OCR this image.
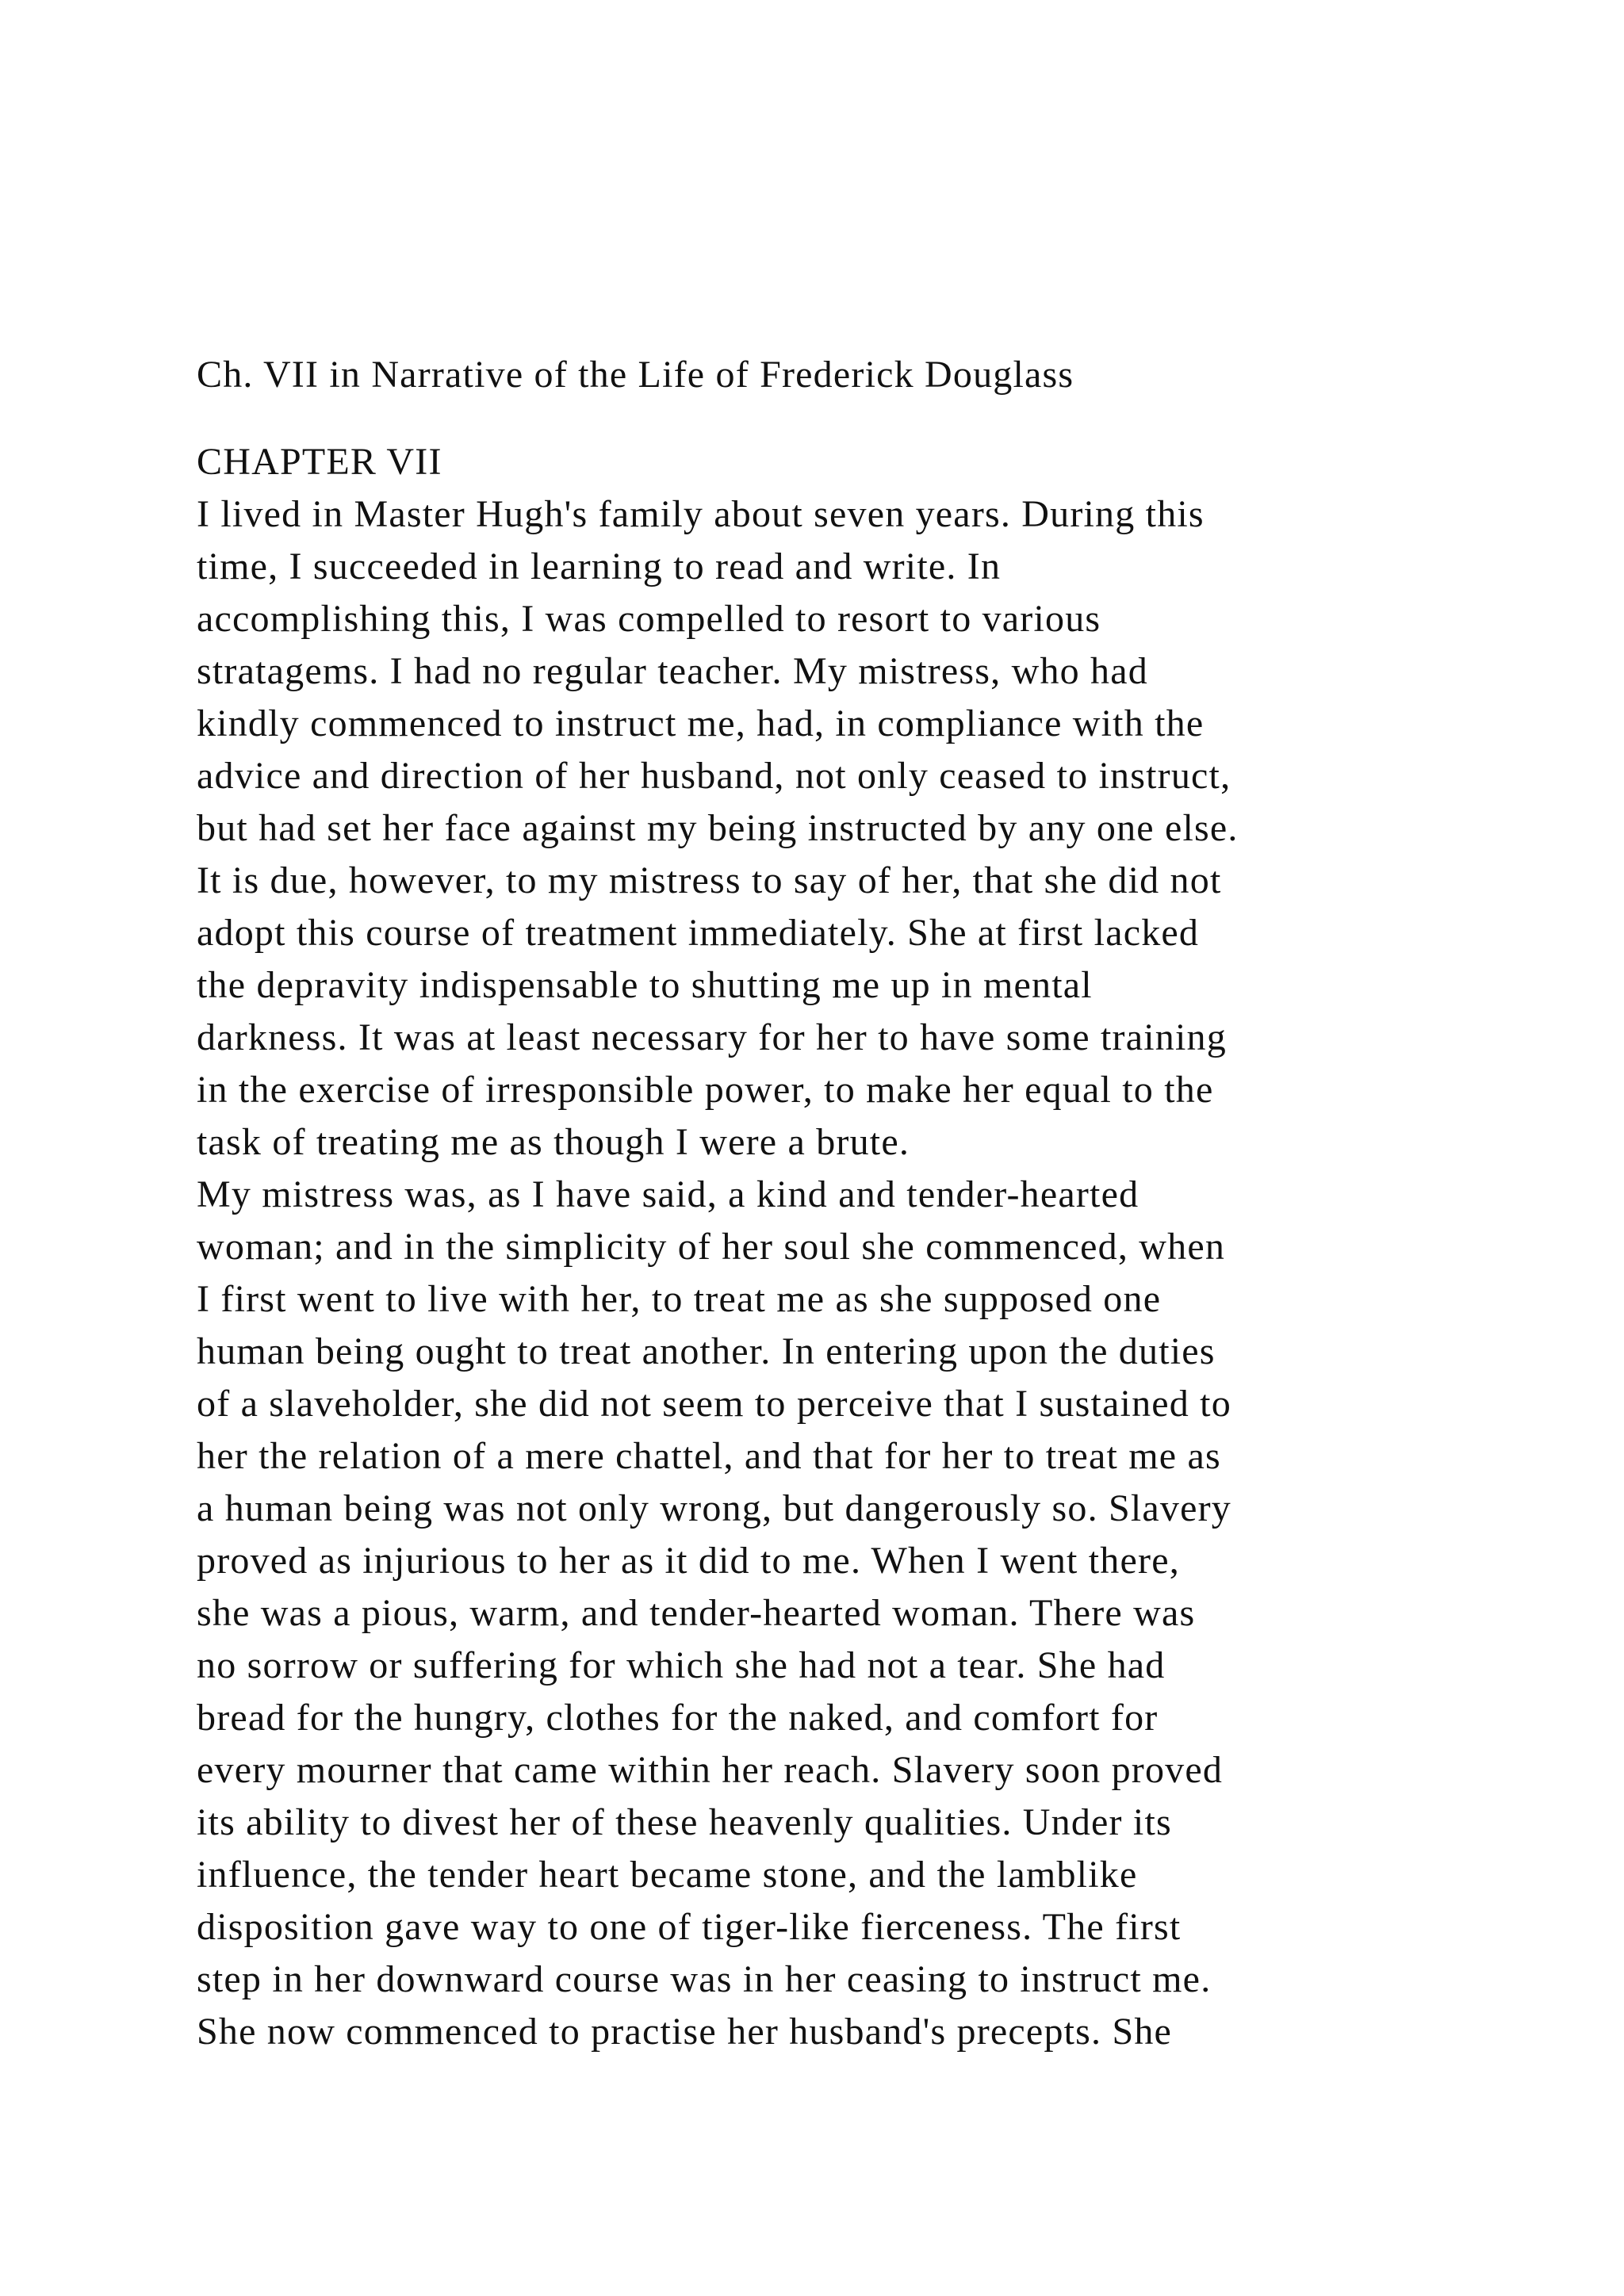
Ch. VII in Narrative of the Life of Frederick Douglass
CHAPTER VII
I lived in Master Hugh's family about seven years. During this
time, I succeeded in learning to read and write. In
accomplishing this, I was compelled to resort to various
stratagems. I had no regular teacher. My mistress, who had
kindly commenced to instruct me, had, in compliance with the
advice and direction of her husband, not only ceased to instruct,
but had set her face against my being instructed by any one else.
It is due, however, to my mistress to say of her, that she did not
adopt this course of treatment immediately. She at first lacked
the depravity indispensable to shutting me up in mental
darkness. It was at least necessary for her to have some training
in the exercise of irresponsible power, to make her equal to the
task of treating me as though I were a brute.
My mistress was, as I have said, a kind and tender-hearted
woman; and in the simplicity of her soul she commenced, when
I first went to live with her, to treat me as she supposed one
human being ought to treat another. In entering upon the duties
of a slaveholder, she did not seem to perceive that I sustained to
her the relation of a mere chattel, and that for her to treat me as
a human being was not only wrong, but dangerously so. Slavery
proved as injurious to her as it did to me. When I went there,
she was a pious, warm, and tender-hearted woman. There was
no sorrow or suffering for which she had not a tear. She had
bread for the hungry, clothes for the naked, and comfort for
every mourner that came within her reach. Slavery soon proved
its ability to divest her of these heavenly qualities. Under its
influence, the tender heart became stone, and the lamblike
disposition gave way to one of tiger-like fierceness. The first
step in her downward course was in her ceasing to instruct me.
She now commenced to practise her husband's precepts. She
